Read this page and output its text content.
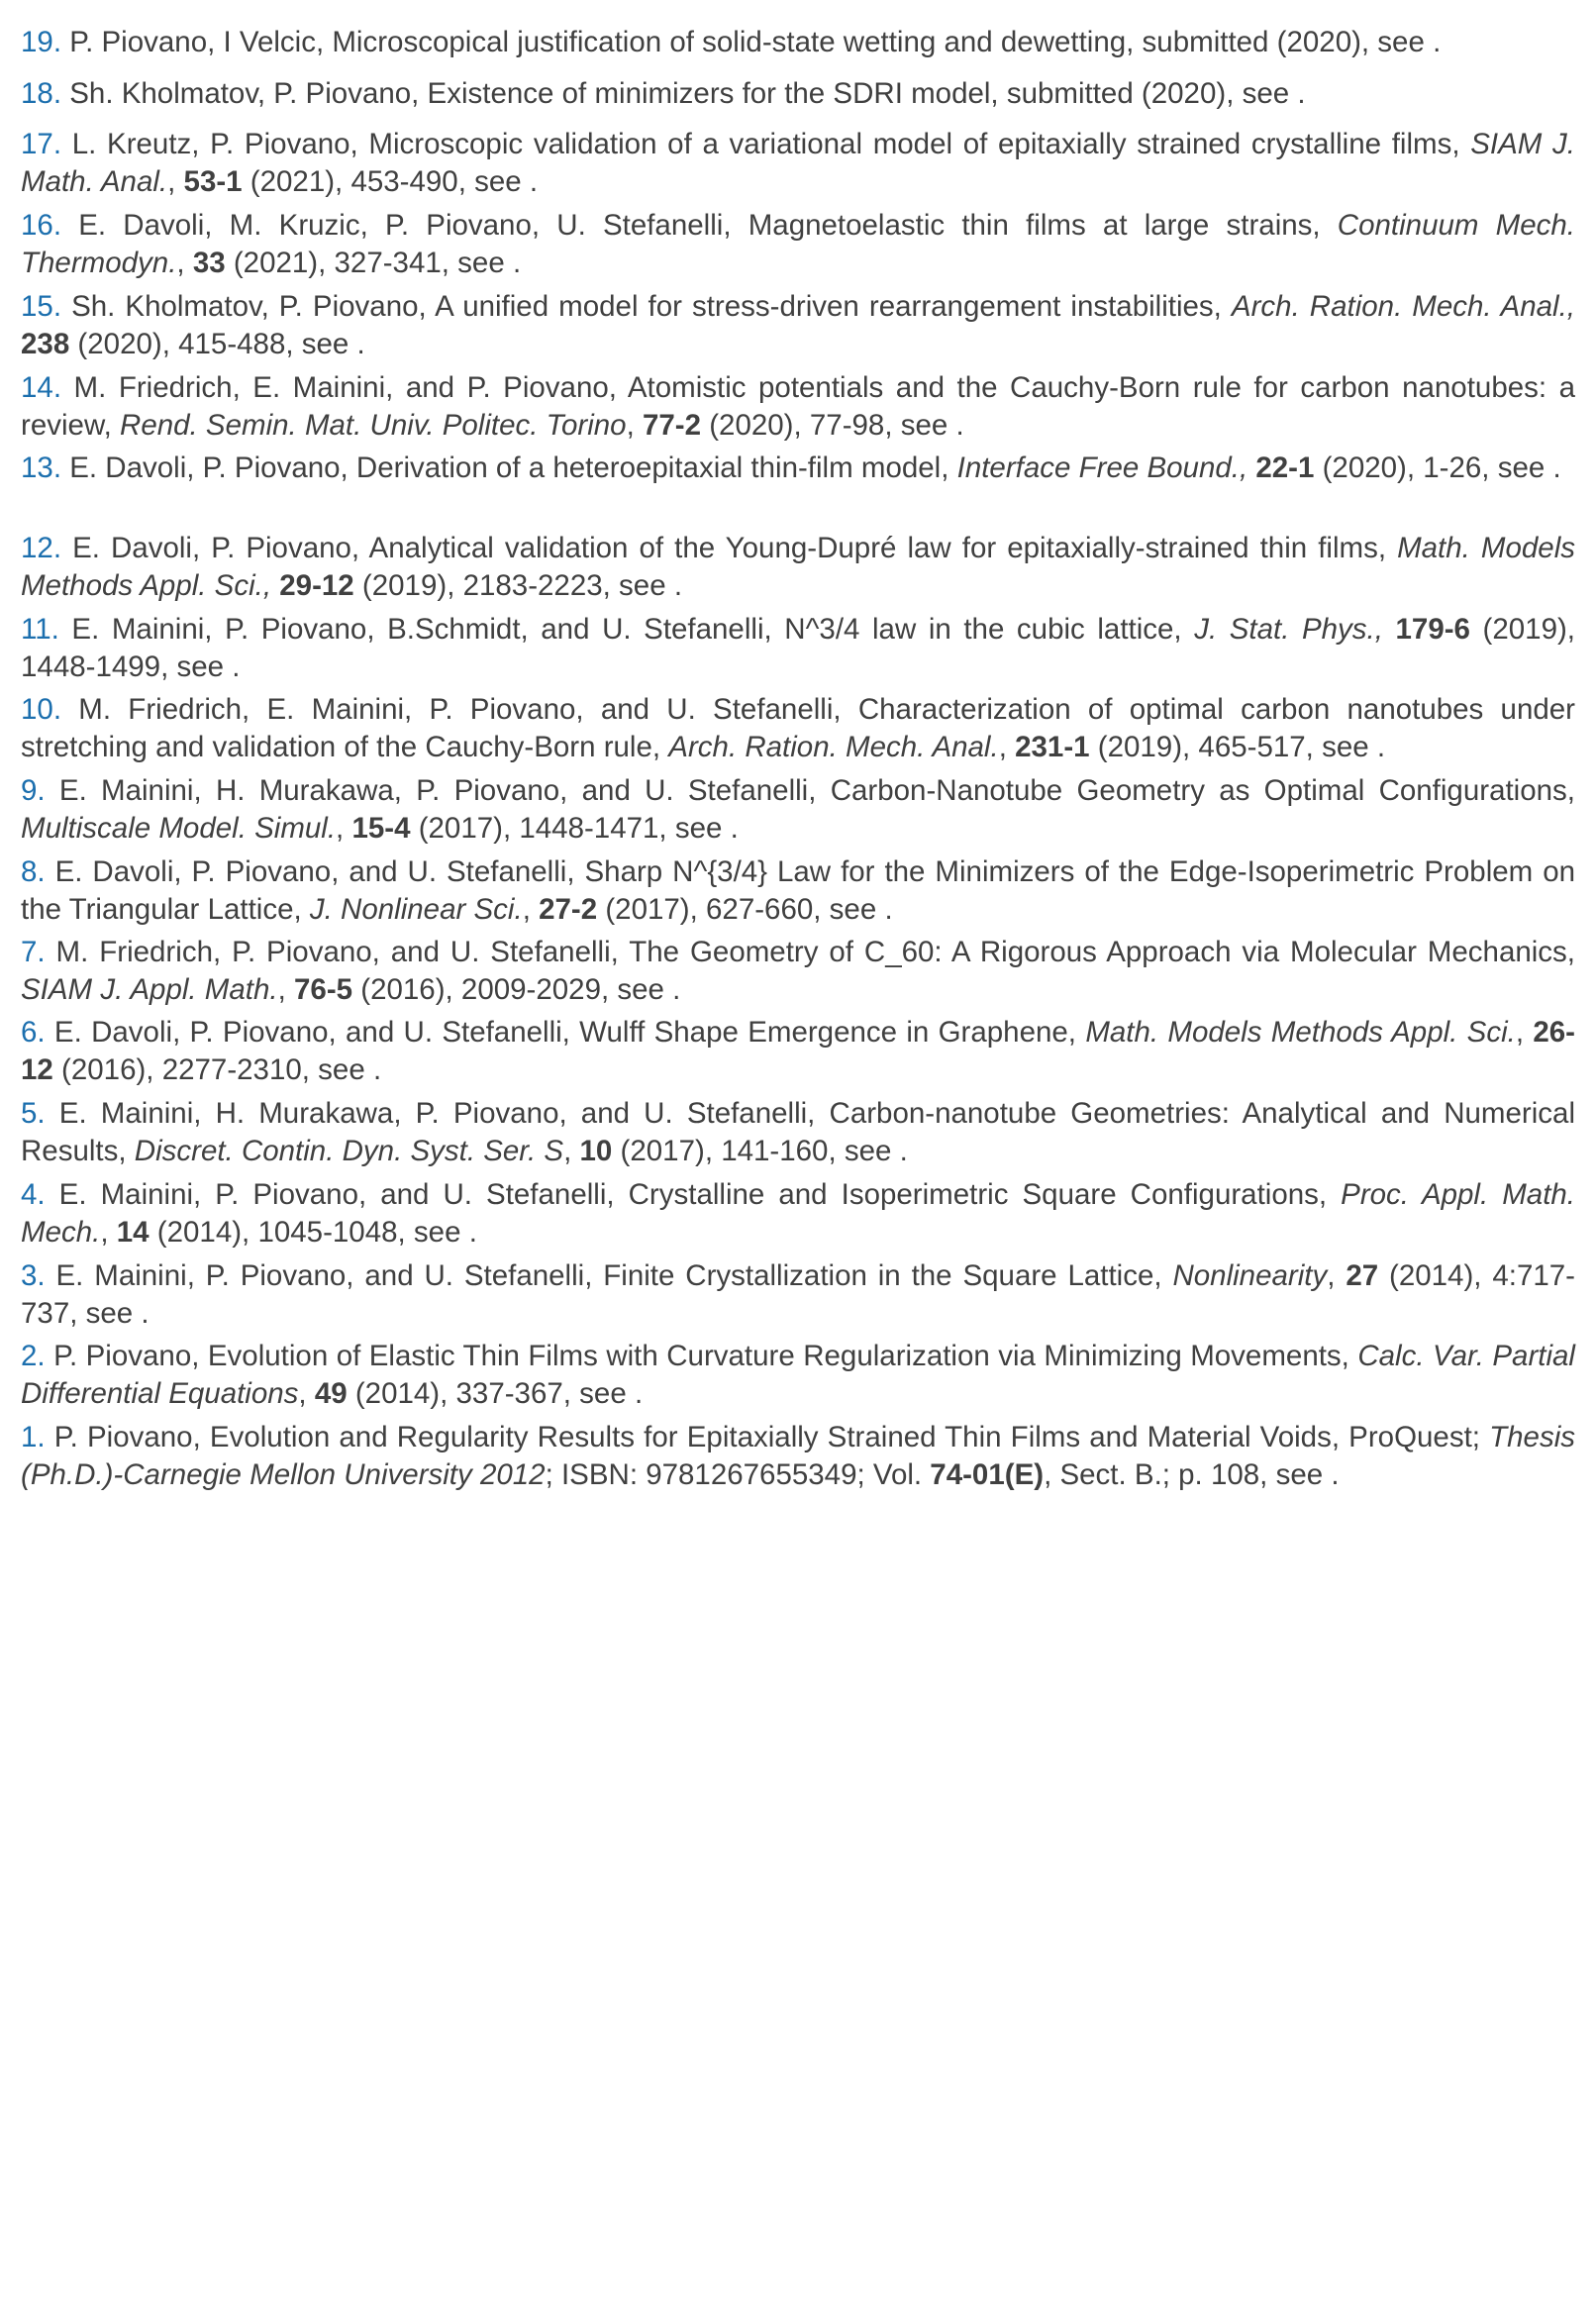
19 . P. Piovano, I Velcic, Microscopical justification of solid-state wetting and dewetting, submitted (2020), see .
18 . Sh. Kholmatov, P. Piovano, Existence of minimizers for the SDRI model, submitted (2020), see .
17 . L. Kreutz, P. Piovano, Microscopic validation of a variational model of epitaxially strained crystalline films, SIAM J. Math. Anal., 53-1 (2021), 453-490, see .
16 . E. Davoli, M. Kruzic, P. Piovano, U. Stefanelli, Magnetoelastic thin films at large strains, Continuum Mech. Thermodyn., 33 (2021), 327-341, see .
15 . Sh. Kholmatov, P. Piovano, A unified model for stress-driven rearrangement instabilities, Arch. Ration. Mech. Anal., 238 (2020), 415-488, see .
14 . M. Friedrich, E. Mainini, and P. Piovano, Atomistic potentials and the Cauchy-Born rule for carbon nanotubes: a review, Rend. Semin. Mat. Univ. Politec. Torino, 77-2 (2020), 77-98, see .
13 . E. Davoli, P. Piovano, Derivation of a heteroepitaxial thin-film model, Interface Free Bound., 22-1 (2020), 1-26, see .
12 . E. Davoli, P. Piovano, Analytical validation of the Young-Dupré law for epitaxially-strained thin films, Math. Models Methods Appl. Sci., 29-12 (2019), 2183-2223, see .
11 . E. Mainini, P. Piovano, B.Schmidt, and U. Stefanelli, N^3/4 law in the cubic lattice, J. Stat. Phys., 179-6 (2019), 1448-1499, see .
10 . M. Friedrich, E. Mainini, P. Piovano, and U. Stefanelli, Characterization of optimal carbon nanotubes under stretching and validation of the Cauchy-Born rule, Arch. Ration. Mech. Anal., 231-1 (2019), 465-517, see .
9 . E. Mainini, H. Murakawa, P. Piovano, and U. Stefanelli, Carbon-Nanotube Geometry as Optimal Configurations, Multiscale Model. Simul., 15-4 (2017), 1448-1471, see .
8 . E. Davoli, P. Piovano, and U. Stefanelli, Sharp N^{3/4} Law for the Minimizers of the Edge-Isoperimetric Problem on the Triangular Lattice, J. Nonlinear Sci., 27-2 (2017), 627-660, see .
7 . M. Friedrich, P. Piovano, and U. Stefanelli, The Geometry of C_60: A Rigorous Approach via Molecular Mechanics, SIAM J. Appl. Math., 76-5 (2016), 2009-2029, see .
6 . E. Davoli, P. Piovano, and U. Stefanelli, Wulff Shape Emergence in Graphene, Math. Models Methods Appl. Sci., 26-12 (2016), 2277-2310, see .
5 . E. Mainini, H. Murakawa, P. Piovano, and U. Stefanelli, Carbon-nanotube Geometries: Analytical and Numerical Results, Discret. Contin. Dyn. Syst. Ser. S, 10 (2017), 141-160, see .
4 . E. Mainini, P. Piovano, and U. Stefanelli, Crystalline and Isoperimetric Square Configurations, Proc. Appl. Math. Mech., 14 (2014), 1045-1048, see .
3 . E. Mainini, P. Piovano, and U. Stefanelli, Finite Crystallization in the Square Lattice, Nonlinearity, 27 (2014), 4:717-737, see .
2 . P. Piovano, Evolution of Elastic Thin Films with Curvature Regularization via Minimizing Movements, Calc. Var. Partial Differential Equations, 49 (2014), 337-367, see .
1 . P. Piovano, Evolution and Regularity Results for Epitaxially Strained Thin Films and Material Voids, ProQuest; Thesis (Ph.D.)-Carnegie Mellon University 2012; ISBN: 9781267655349; Vol. 74-01(E), Sect. B.; p. 108, see .
